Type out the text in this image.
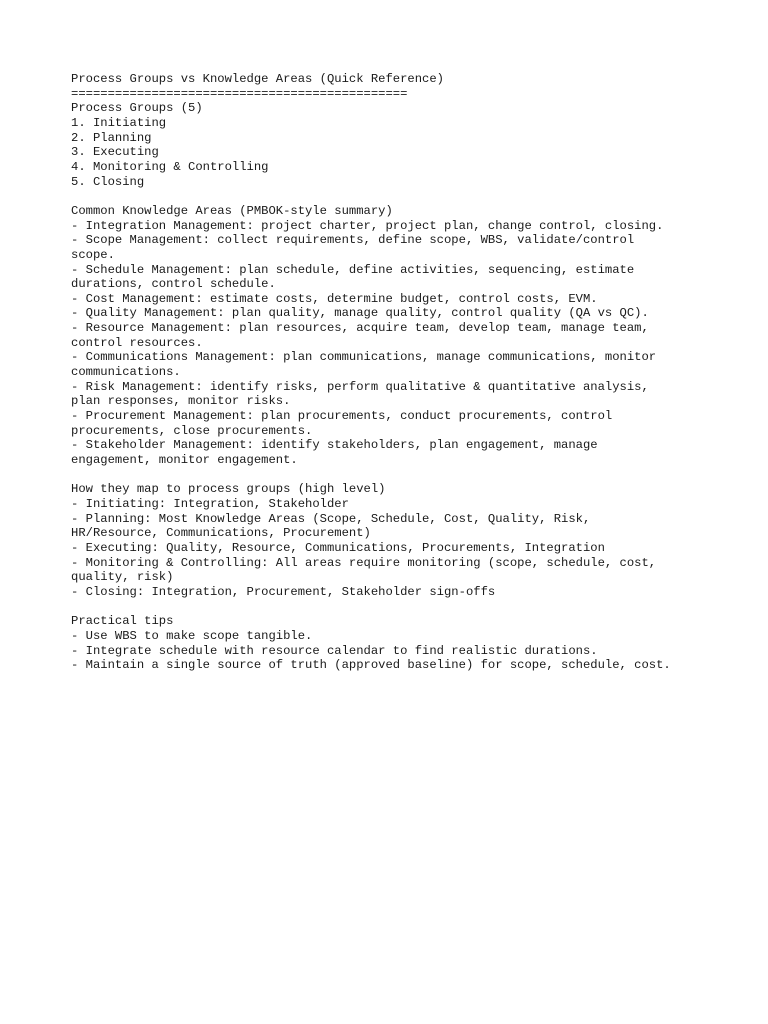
Process Groups vs Knowledge Areas (Quick Reference)
==============================================
Process Groups (5)
1. Initiating
2. Planning
3. Executing
4. Monitoring & Controlling
5. Closing
Common Knowledge Areas (PMBOK-style summary)
- Integration Management: project charter, project plan, change control, closing.
- Scope Management: collect requirements, define scope, WBS, validate/control
scope.
- Schedule Management: plan schedule, define activities, sequencing, estimate
durations, control schedule.
- Cost Management: estimate costs, determine budget, control costs, EVM.
- Quality Management: plan quality, manage quality, control quality (QA vs QC).
- Resource Management: plan resources, acquire team, develop team, manage team,
control resources.
- Communications Management: plan communications, manage communications, monitor
communications.
- Risk Management: identify risks, perform qualitative & quantitative analysis,
plan responses, monitor risks.
- Procurement Management: plan procurements, conduct procurements, control
procurements, close procurements.
- Stakeholder Management: identify stakeholders, plan engagement, manage
engagement, monitor engagement.
How they map to process groups (high level)
- Initiating: Integration, Stakeholder
- Planning: Most Knowledge Areas (Scope, Schedule, Cost, Quality, Risk,
HR/Resource, Communications, Procurement)
- Executing: Quality, Resource, Communications, Procurements, Integration
- Monitoring & Controlling: All areas require monitoring (scope, schedule, cost,
quality, risk)
- Closing: Integration, Procurement, Stakeholder sign-offs
Practical tips
- Use WBS to make scope tangible.
- Integrate schedule with resource calendar to find realistic durations.
- Maintain a single source of truth (approved baseline) for scope, schedule, cost.
